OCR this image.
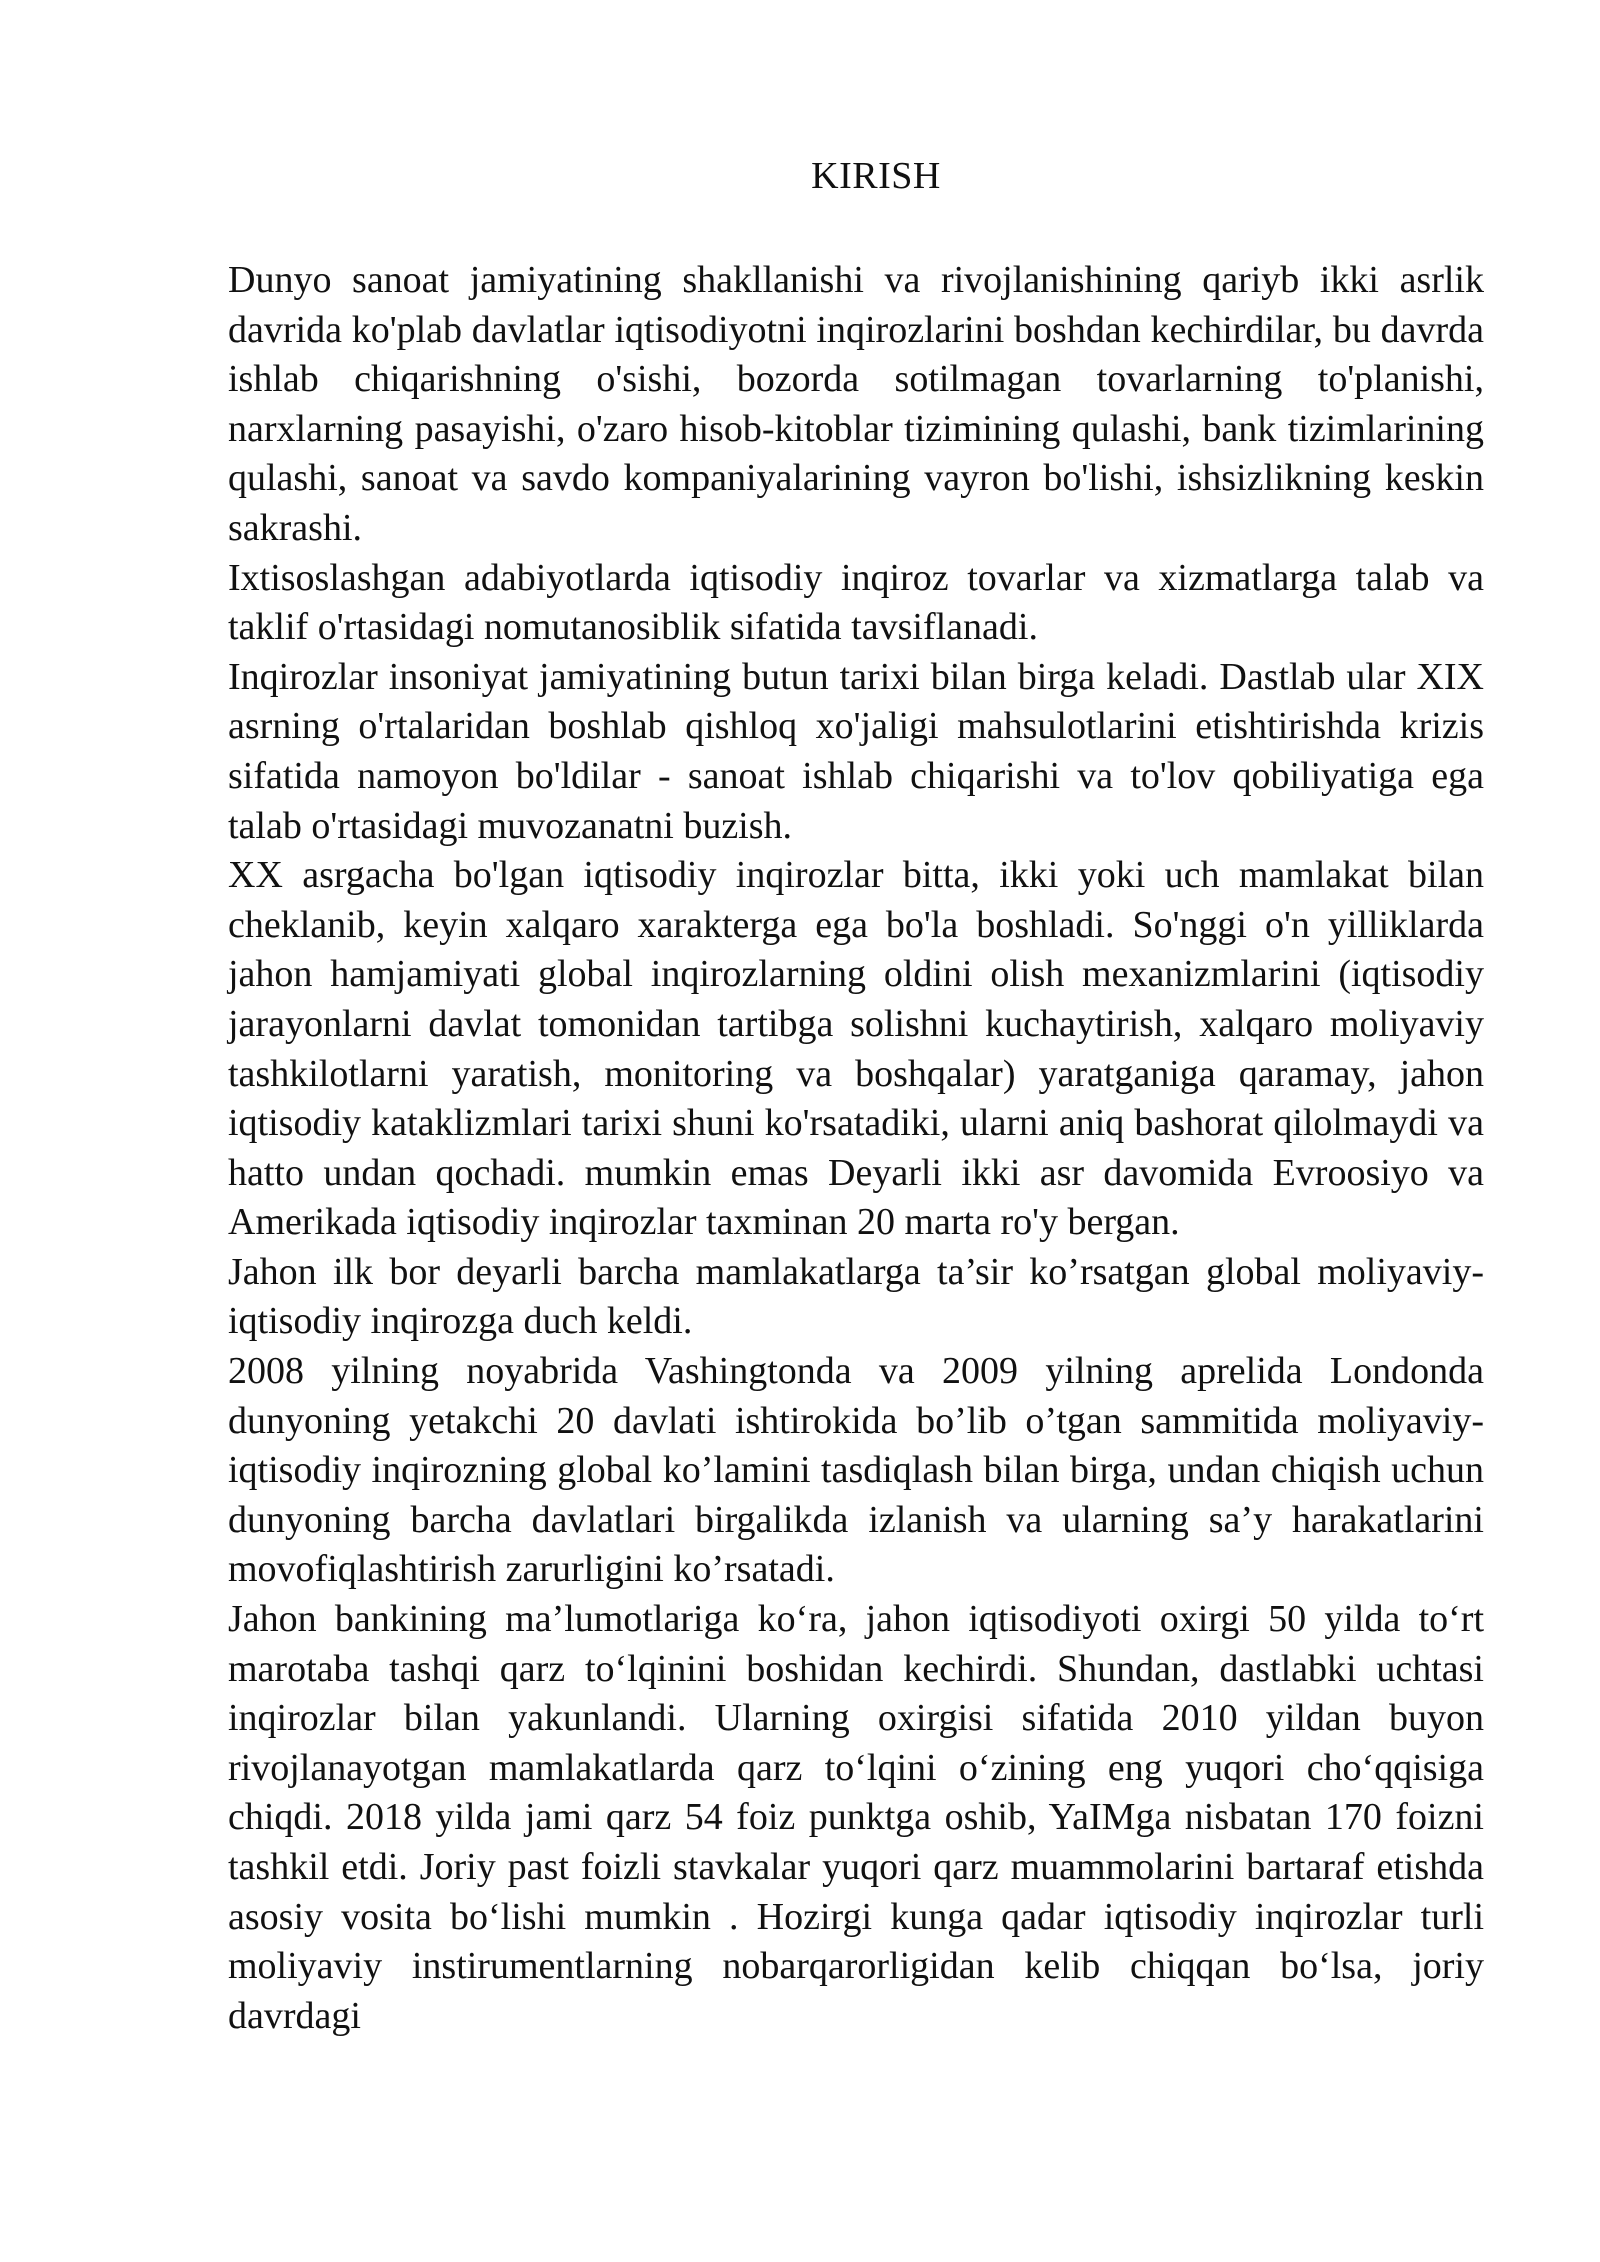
KIRISH

Dunyo sanoat jamiyatining shakllanishi va rivojlanishining qariyb ikki asrlik davrida ko'plab davlatlar iqtisodiyotni inqirozlarini boshdan kechirdilar, bu davrda ishlab chiqarishning o'sishi, bozorda sotilmagan tovarlarning to'planishi, narxlarning pasayishi, o'zaro hisob-kitoblar tizimining qulashi, bank tizimlarining qulashi, sanoat va savdo kompaniyalarining vayron bo'lishi, ishsizlikning keskin sakrashi.

Ixtisoslashgan adabiyotlarda iqtisodiy inqiroz tovarlar va xizmatlarga talab va taklif o'rtasidagi nomutanosiblik sifatida tavsiflanadi.

Inqirozlar insoniyat jamiyatining butun tarixi bilan birga keladi. Dastlab ular XIX asrning o'rtalaridan boshlab qishloq xo'jaligi mahsulotlarini etishtirishda krizis sifatida namoyon bo'ldilar - sanoat ishlab chiqarishi va to'lov qobiliyatiga ega talab o'rtasidagi muvozanatni buzish.

XX asrgacha bo'lgan iqtisodiy inqirozlar bitta, ikki yoki uch mamlakat bilan cheklanib, keyin xalqaro xarakterga ega bo'la boshladi. So'nggi o'n yilliklarda jahon hamjamiyati global inqirozlarning oldini olish mexanizmlarini (iqtisodiy jarayonlarni davlat tomonidan tartibga solishni kuchaytirish, xalqaro moliyaviy tashkilotlarni yaratish, monitoring va boshqalar) yaratganiga qaramay, jahon iqtisodiy kataklizmlari tarixi shuni ko'rsatadiki, ularni aniq bashorat qilolmaydi va hatto undan qochadi. mumkin emas Deyarli ikki asr davomida Evroosiyo va Amerikada iqtisodiy inqirozlar taxminan 20 marta ro'y bergan.

Jahon ilk bor deyarli barcha mamlakatlarga ta’sir ko’rsatgan global moliyaviy-iqtisodiy inqirozga duch keldi.

2008 yilning noyabrida Vashingtonda va 2009 yilning aprelida Londonda dunyoning yetakchi 20 davlati ishtirokida bo’lib o’tgan sammitida moliyaviy-iqtisodiy inqirozning global ko’lamini tasdiqlash bilan birga, undan chiqish uchun dunyoning barcha davlatlari birgalikda izlanish va ularning sa’y harakatlarini movofiqlashtirish zarurligini ko’rsatadi.

Jahon bankining ma’lumotlariga ko‘ra, jahon iqtisodiyoti oxirgi 50 yilda to‘rt marotaba tashqi qarz to‘lqinini boshidan kechirdi. Shundan, dastlabki uchtasi inqirozlar bilan yakunlandi. Ularning oxirgisi sifatida 2010 yildan buyon rivojlanayotgan mamlakatlarda qarz to‘lqini o‘zining eng yuqori cho‘qqisiga chiqdi. 2018 yilda jami qarz 54 foiz punktga oshib, YaIMga nisbatan 170 foizni tashkil etdi. Joriy past foizli stavkalar yuqori qarz muammolarini bartaraf etishda asosiy vosita bo‘lishi mumkin . Hozirgi kunga qadar iqtisodiy inqirozlar turli moliyaviy instirumentlarning nobarqarorligidan kelib chiqqan bo‘lsa, joriy davrdagi
